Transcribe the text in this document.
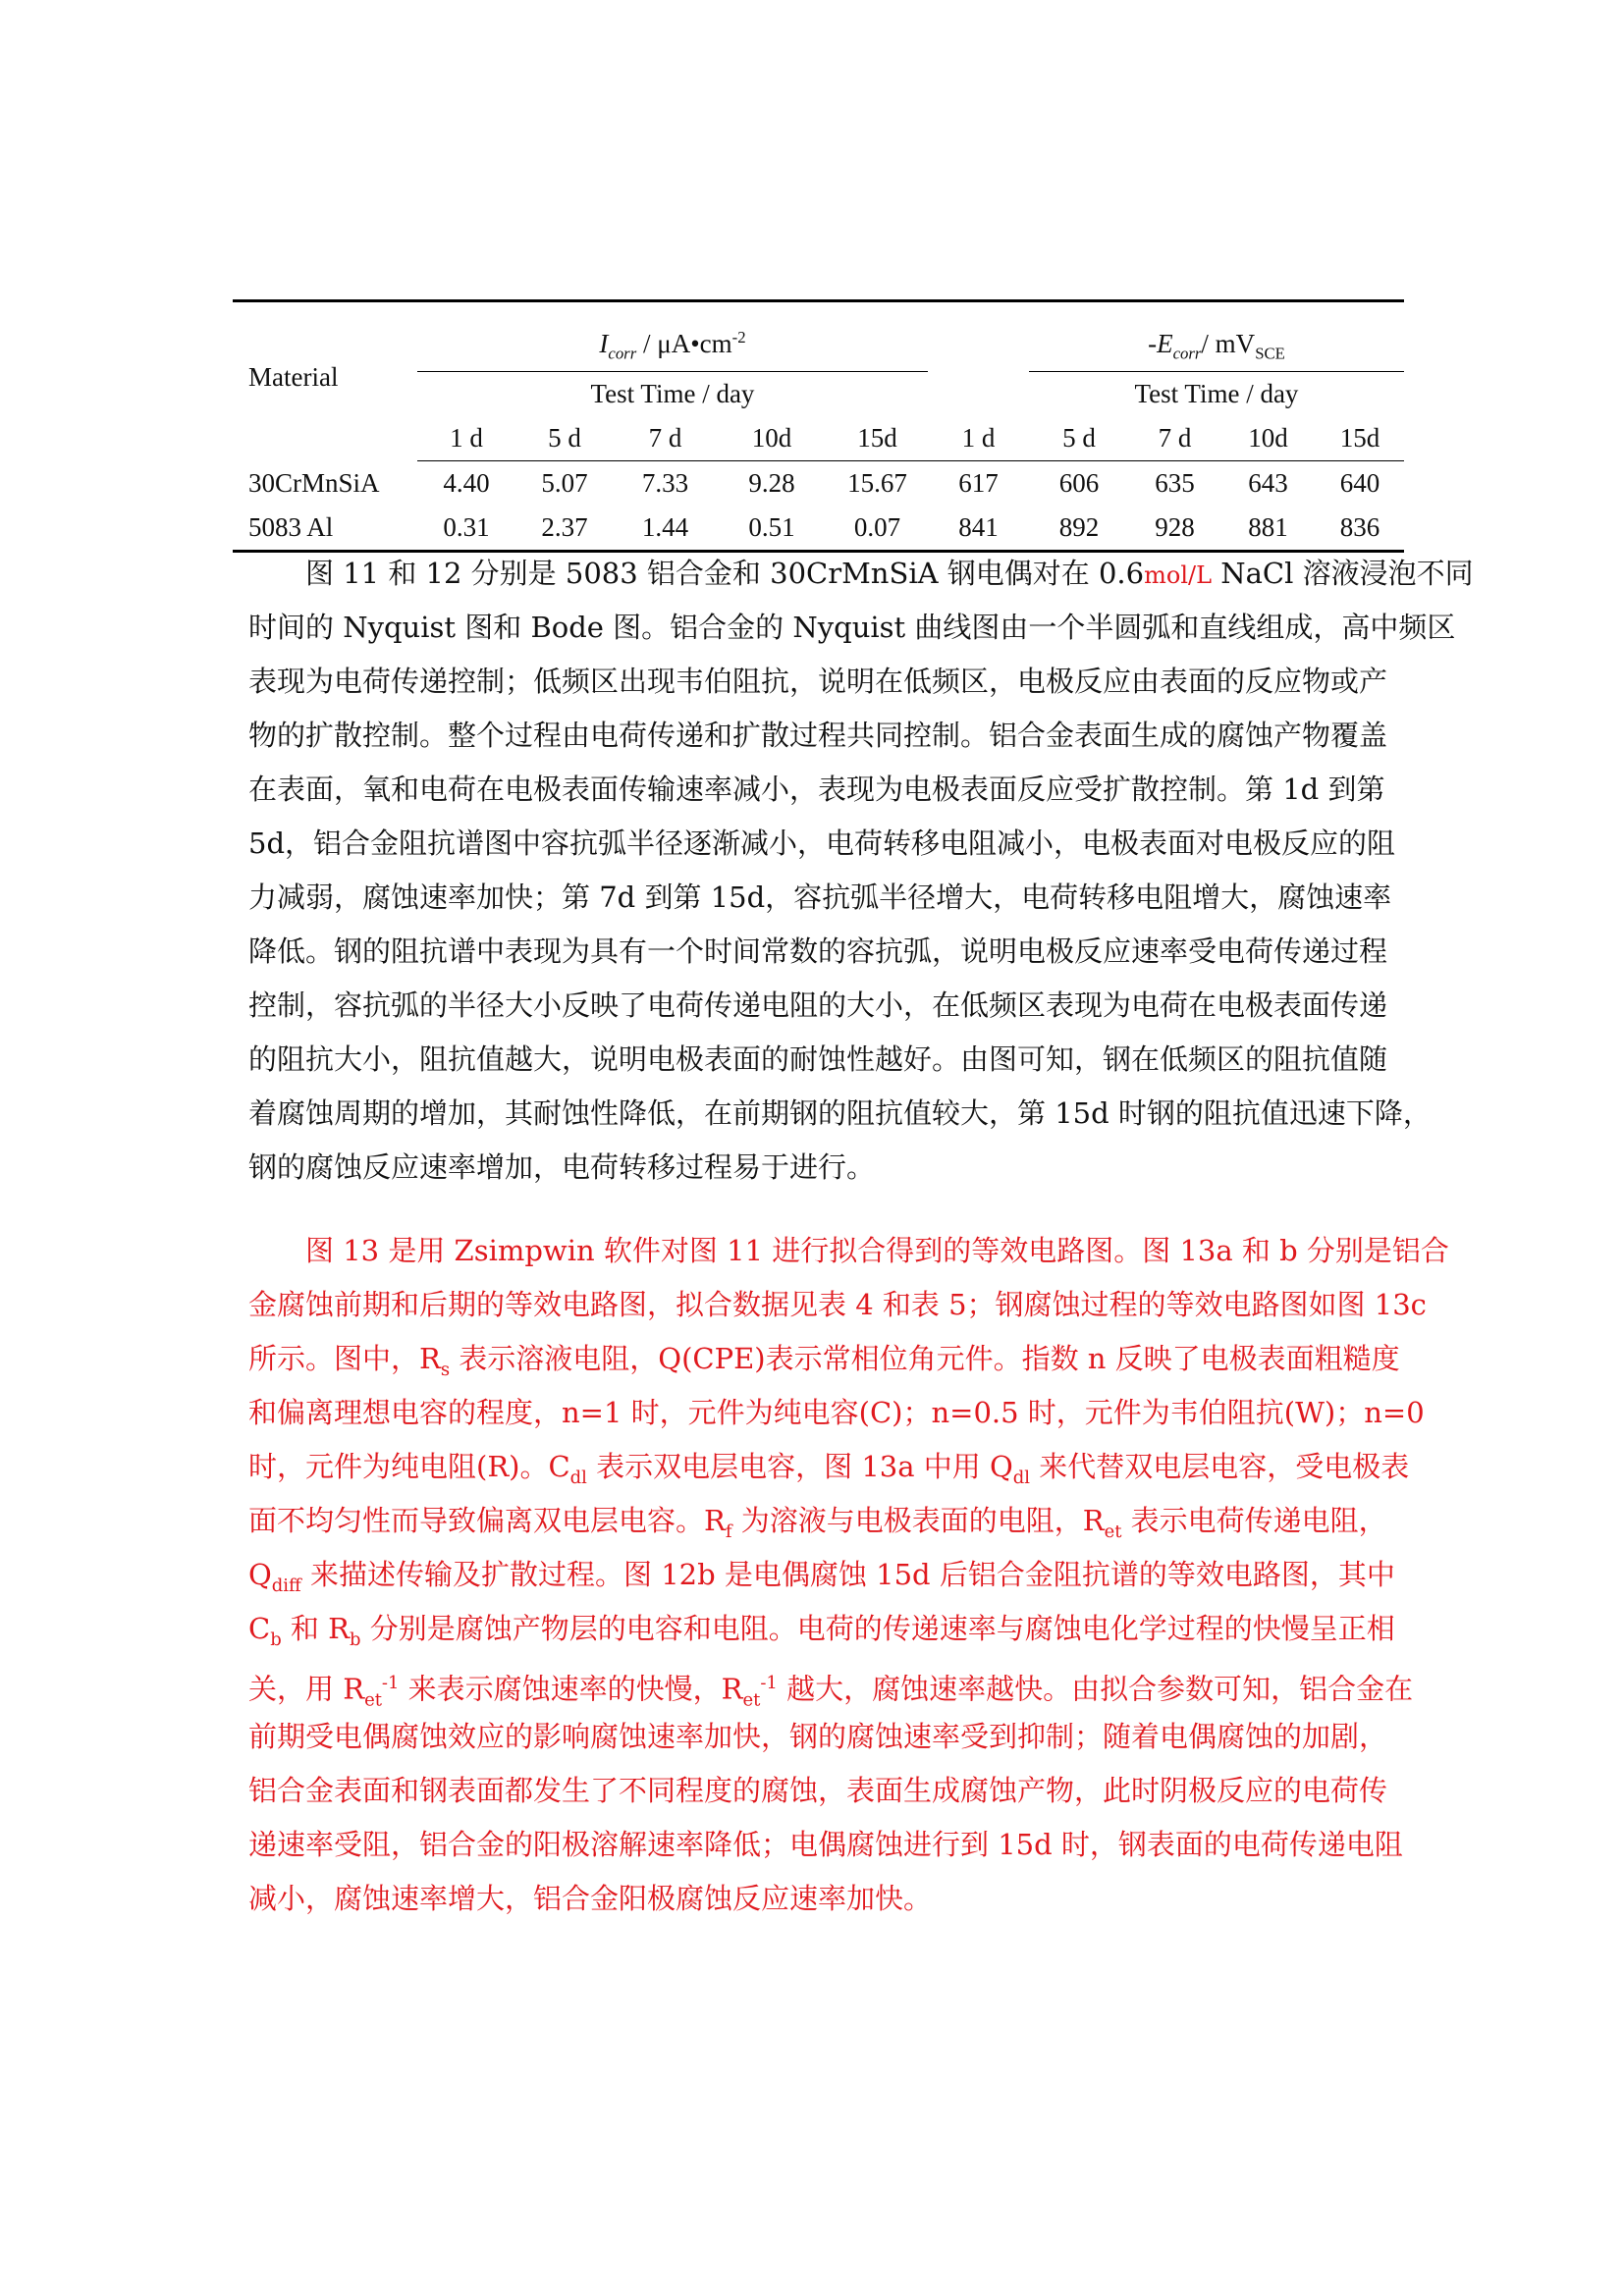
Material	$I_{corr}$ / $\mu A•cm^{-2}$						$-E_{corr}/$ $mV_{SCE}$
	Test Time / day						Test Time / day			
	1 d	5 d	7 d	10d	15d	1 d	5 d	7 d	10d	15d
30CrMnSiA	4.40	5.07	7.33	9.28	15.67	617	606	635	643	640
5083 Al	0.31	2.37	1.44	0.51	0.07	841	892	928	881	836
图 11 和 12 分别是 5083 铝合金和 30CrMnSiA 钢电偶对在 0.6mol/L NaCl 溶液浸泡不同
时间的 Nyquist 图和 Bode 图。铝合金的 Nyquist 曲线图由一个半圆弧和直线组成，高中频区
表现为电荷传递控制；低频区出现韦伯阻抗，说明在低频区，电极反应由表面的反应物或产
物的扩散控制。整个过程由电荷传递和扩散过程共同控制。铝合金表面生成的腐蚀产物覆盖
在表面，氧和电荷在电极表面传输速率减小，表现为电极表面反应受扩散控制。第 1d 到第
5d，铝合金阻抗谱图中容抗弧半径逐渐减小，电荷转移电阻减小，电极表面对电极反应的阻
力减弱，腐蚀速率加快；第 7d 到第 15d，容抗弧半径增大，电荷转移电阻增大，腐蚀速率
降低。钢的阻抗谱中表现为具有一个时间常数的容抗弧，说明电极反应速率受电荷传递过程
控制，容抗弧的半径大小反映了电荷传递电阻的大小，在低频区表现为电荷在电极表面传递
的阻抗大小，阻抗值越大，说明电极表面的耐蚀性越好。由图可知，钢在低频区的阻抗值随
着腐蚀周期的增加，其耐蚀性降低，在前期钢的阻抗值较大，第 15d 时钢的阻抗值迅速下降，
钢的腐蚀反应速率增加，电荷转移过程易于进行。
图 13 是用 Zsimpwin 软件对图 11 进行拟合得到的等效电路图。图 13a 和 b 分别是铝合
金腐蚀前期和后期的等效电路图，拟合数据见表 4 和表 5；钢腐蚀过程的等效电路图如图 13c
所示。图中，$R_s$ 表示溶液电阻，Q(CPE)表示常相位角元件。指数 n 反映了电极表面粗糙度
和偏离理想电容的程度，n=1 时，元件为纯电容(C)；n=0.5 时，元件为韦伯阻抗(W)；n=0
时，元件为纯电阻(R)。$C_{dl}$ 表示双电层电容，图 13a 中用 $Q_{dl}$ 来代替双电层电容，受电极表
面不均匀性而导致偏离双电层电容。$R_f$ 为溶液与电极表面的电阻，$R_{et}$ 表示电荷传递电阻，
$Q_{diff}$ 来描述传输及扩散过程。图 12b 是电偶腐蚀 15d 后铝合金阻抗谱的等效电路图，其中
$C_b$ 和 $R_b$ 分别是腐蚀产物层的电容和电阻。电荷的传递速率与腐蚀电化学过程的快慢呈正相
关，用 $R_{et}^{-1}$ 来表示腐蚀速率的快慢，$R_{et}^{-1}$ 越大，腐蚀速率越快。由拟合参数可知，铝合金在
前期受电偶腐蚀效应的影响腐蚀速率加快，钢的腐蚀速率受到抑制；随着电偶腐蚀的加剧，
铝合金表面和钢表面都发生了不同程度的腐蚀，表面生成腐蚀产物，此时阴极反应的电荷传
递速率受阻，铝合金的阳极溶解速率降低；电偶腐蚀进行到 15d 时，钢表面的电荷传递电阻
减小，腐蚀速率增大，铝合金阳极腐蚀反应速率加快。
